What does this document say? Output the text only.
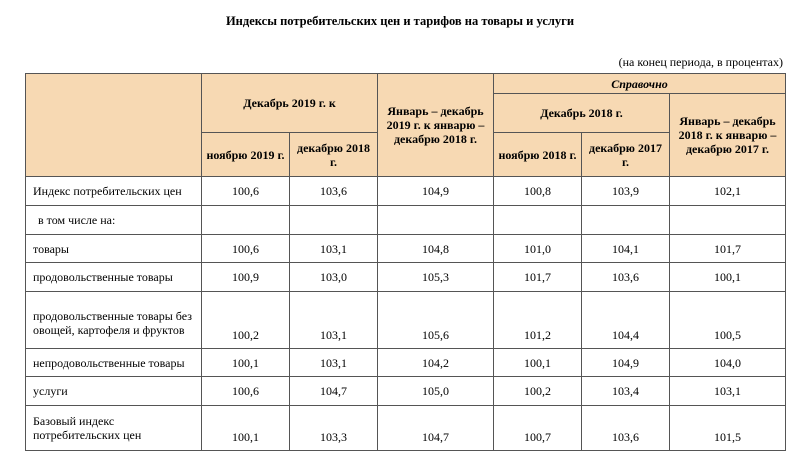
Индексы потребительских цен и тарифов на товары и услуги
(на конец периода, в процентах)
	Декабрь 2019 г. к		Январь – декабрь 2019 г. к январю – декабрю 2018 г.	Справочно		
				Декабрь 2018 г.		Январь – декабрь 2018 г. к январю – декабрю 2017 г.
	ноябрю 2019 г.	декабрю 2018 г.		ноябрю 2018 г.	декабрю 2017 г.	
Индекс потребительских цен	100,6	103,6	104,9	100,8	103,9	102,1
в том числе на:						
товары	100,6	103,1	104,8	101,0	104,1	101,7
продовольственные товары	100,9	103,0	105,3	101,7	103,6	100,1
продовольственные товары без овощей, картофеля и фруктов	100,2	103,1	105,6	101,2	104,4	100,5
непродовольственные товары	100,1	103,1	104,2	100,1	104,9	104,0
услуги	100,6	104,7	105,0	100,2	103,4	103,1
Базовый индекс потребительских цен	100,1	103,3	104,7	100,7	103,6	101,5
